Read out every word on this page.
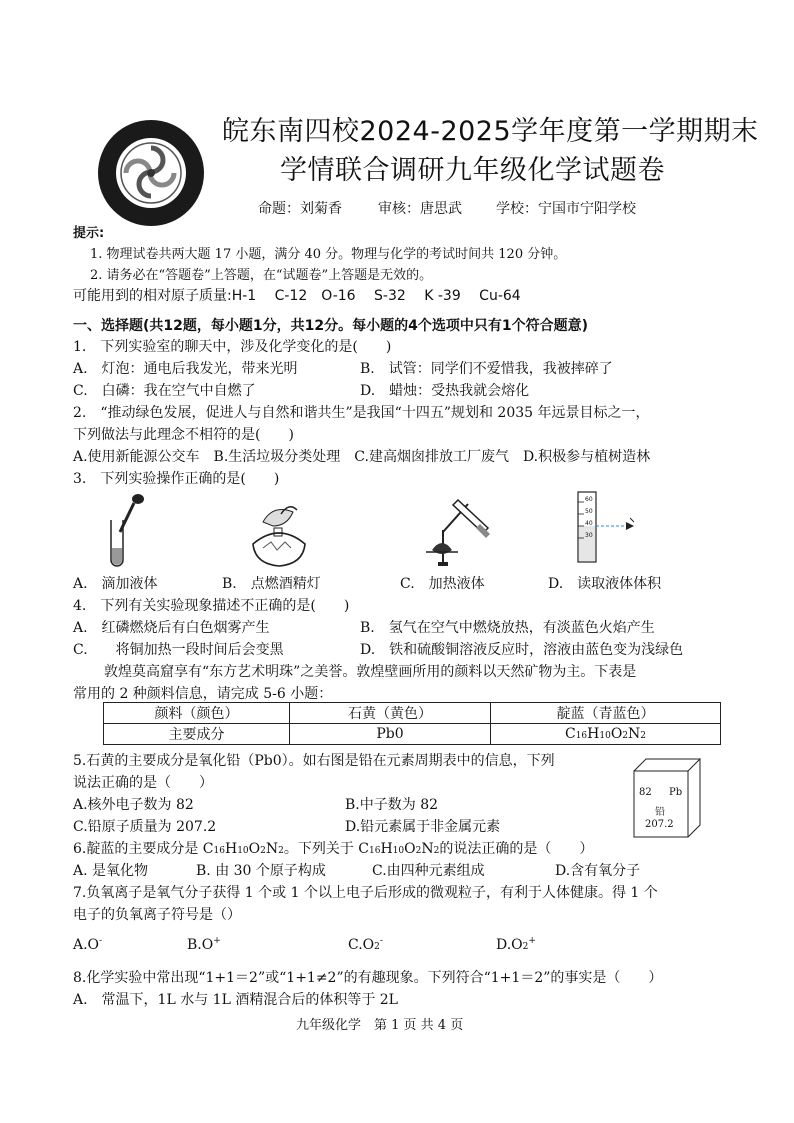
皖东南四校2024-2025学年度第一学期期末
学情联合调研九年级化学试题卷
命题：刘菊香	审核：唐思武 学校：宁国市宁阳学校
提示:
1. 物理试卷共两大题 17 小题，满分 40 分。物理与化学的考试时间共 120 分钟。
2. 请务必在“答题卷”上答题，在“试题卷”上答题是无效的。
可能用到的相对原子质量:H-1　 C-12　O-16　 S-32　 K -39　 Cu-64
一、选择题(共12题，每小题1分，共12分。每小题的4个选项中只有1个符合题意)
1.　下列实验室的聊天中，涉及化学变化的是(　　)
A.　灯泡：通电后我发光，带来光明	B.　试管：同学们不爱惜我，我被摔碎了
C.　白磷：我在空气中自燃了	D.　蜡烛：受热我就会熔化
2.　“推动绿色发展，促进人与自然和谐共生”是我国“十四五”规划和 2035 年远景目标之一，
下列做法与此理念不相符的是(　　)
A.使用新能源公交车　B.生活垃圾分类处理　C.建高烟囱排放工厂废气　D.积极参与植树造林
3.　下列实验操作正确的是(　　)
60
50
40
30
A.　滴加液体	B.　点燃酒精灯	C.　加热液体	D.　读取液体体积
4.　下列有关实验现象描述不正确的是(　　)
A.　红磷燃烧后有白色烟雾产生	B.　氢气在空气中燃烧放热，有淡蓝色火焰产生
C.　　将铜加热一段时间后会变黑	D.　铁和硫酸铜溶液反应时，溶液由蓝色变为浅绿色
敦煌莫高窟享有“东方艺术明珠”之美誉。敦煌壁画所用的颜料以天然矿物为主。下表是
常用的 2 种颜料信息，请完成 5-6 小题：
颜料（颜色）	石黄（黄色）	靛蓝（青蓝色）
主要成分	Pb0	C16H10O2N2
5.石黄的主要成分是氧化铅（Pb0）。如右图是铅在元素周期表中的信息，下列
说法正确的是（　　）
A.核外电子数为 82	B.中子数为 82
C.铅原子质量为 207.2	D.铅元素属于非金属元素
82 Pb
铅
207.2
6.靛蓝的主要成分是 C16H10O2N2。下列关于 C16H10O2N2的说法正确的是（　　）
A. 是氧化物	B. 由 30 个原子构成	C.由四种元素组成	D.含有氧分子
7.负氧离子是氧气分子获得 1 个或 1 个以上电子后形成的微观粒子，有利于人体健康。得 1 个
电子的负氧离子符号是（）
A.O-	B.O+	C.O2-	D.O2+
8.化学实验中常出现“1+1＝2”或“1+1≠2”的有趣现象。下列符合“1+1＝2”的事实是（　　）
A.　常温下，1L 水与 1L 酒精混合后的体积等于 2L
九年级化学　第 1 页 共 4 页
